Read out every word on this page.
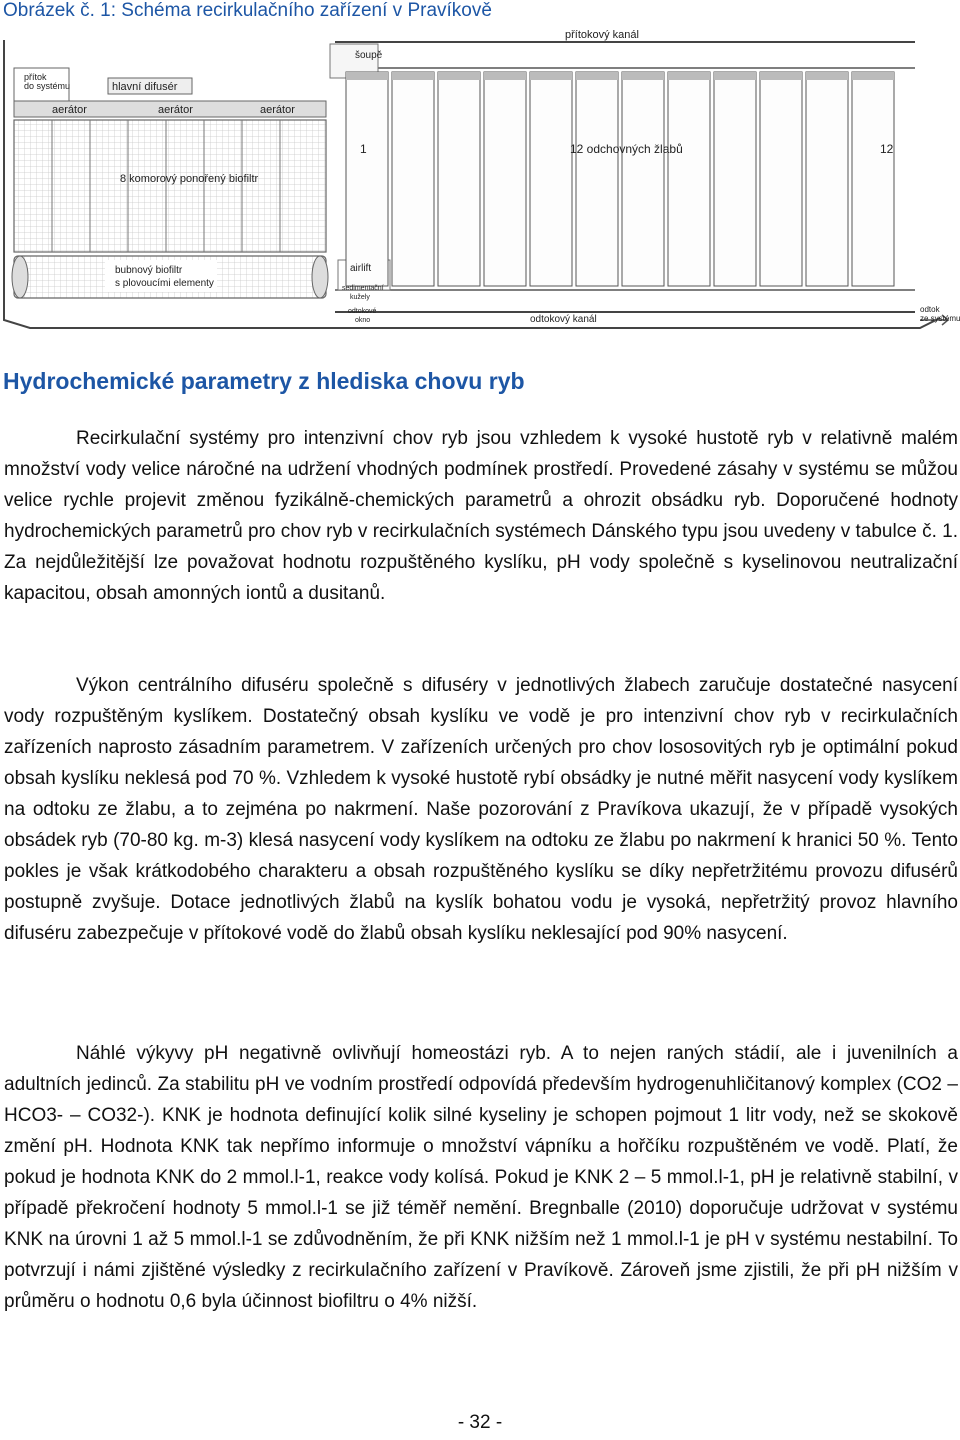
Obrázek č. 1: Schéma recirkulačního zařízení v Pravíkově
přítok
do systému	hlavní difusér
aerátor	aerátor	aerátor
šoupě
přítokový kanál
1	12 odchovných žlabů	12
8 komorový ponořený biofiltr
bubnový biofiltr
s plovoucími elementy
airlift
sedimentační
kužely
odtokové
okno	odtokový kanál
odtok
ze systému
Hydrochemické parametry z hlediska chovu ryb
Recirkulační systémy pro intenzivní chov ryb jsou vzhledem k vysoké hustotě ryb v relativně malém množství vody velice náročné na udržení vhodných podmínek prostředí. Provedené zásahy v systému se můžou velice rychle projevit změnou fyzikálně-chemických parametrů a ohrozit obsádku ryb. Doporučené hodnoty hydrochemických parametrů pro chov ryb v recirkulačních systémech Dánského typu jsou uvedeny v tabulce č. 1. Za nejdůležitější lze považovat hodnotu rozpuštěného kyslíku, pH vody společně s kyselinovou neutralizační kapacitou, obsah amonných iontů a dusitanů.
Výkon centrálního difuséru společně s difuséry v jednotlivých žlabech zaručuje dostatečné nasycení vody rozpuštěným kyslíkem. Dostatečný obsah kyslíku ve vodě je pro intenzivní chov ryb v recirkulačních zařízeních naprosto zásadním parametrem. V zařízeních určených pro chov lososovitých ryb je optimální pokud obsah kyslíku neklesá pod 70 %. Vzhledem k vysoké hustotě rybí obsádky je nutné měřit nasycení vody kyslíkem na odtoku ze žlabu, a to zejména po nakrmení. Naše pozorování z Pravíkova ukazují, že v případě vysokých obsádek ryb (70-80 kg. m-3) klesá nasycení vody kyslíkem na odtoku ze žlabu po nakrmení k hranici 50 %. Tento pokles je však krátkodobého charakteru a obsah rozpuštěného kyslíku se díky nepřetržitému provozu difusérů postupně zvyšuje. Dotace jednotlivých žlabů na kyslík bohatou vodu je vysoká, nepřetržitý provoz hlavního difuséru zabezpečuje v přítokové vodě do žlabů obsah kyslíku neklesající pod 90% nasycení.
Náhlé výkyvy pH negativně ovlivňují homeostázi ryb. A to nejen raných stádií, ale i juvenilních a adultních jedinců. Za stabilitu pH ve vodním prostředí odpovídá především hydrogenuhličitanový komplex (CO2 – HCO3- – CO32-). KNK je hodnota definující kolik silné kyseliny je schopen pojmout 1 litr vody, než se skokově změní pH. Hodnota KNK tak nepřímo informuje o množství vápníku a hořčíku rozpuštěném ve vodě. Platí, že pokud je hodnota KNK do 2 mmol.l-1, reakce vody kolísá. Pokud je KNK 2 – 5 mmol.l-1, pH je relativně stabilní, v případě překročení hodnoty 5 mmol.l-1 se již téměř nemění. Bregnballe (2010) doporučuje udržovat v systému KNK na úrovni 1 až 5 mmol.l-1 se zdůvodněním, že při KNK nižším než 1 mmol.l-1 je pH v systému nestabilní. To potvrzují i námi zjištěné výsledky z recirkulačního zařízení v Pravíkově. Zároveň jsme zjistili, že při pH nižším v průměru o hodnotu 0,6 byla účinnost biofiltru o 4% nižší.
- 32 -
